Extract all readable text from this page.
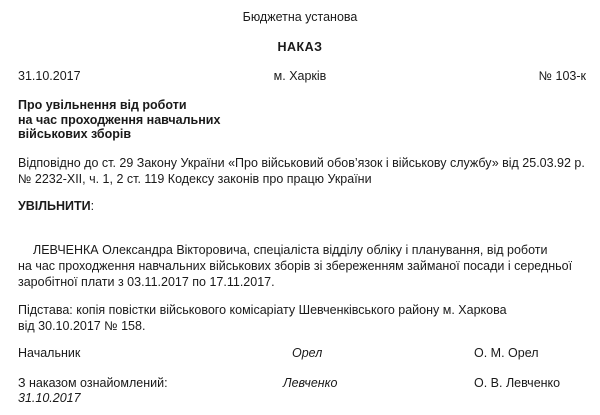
Бюджетна установа
НАКАЗ
31.10.2017	м. Харків	№ 103-к
Про увільнення від роботи
на час проходження навчальних
військових зборів
Відповідно до ст. 29 Закону України «Про військовий обов’язок і військову службу» від 25.03.92 р.
№ 2232-XII, ч. 1, 2 ст. 119 Кодексу законів про працю України
УВІЛЬНИТИ:
ЛЕВЧЕНКА Олександра Вікторовича, спеціаліста відділу обліку і планування, від роботи
на час проходження навчальних військових зборів зі збереженням займаної посади і середньої
заробітної плати з 03.11.2017 по 17.11.2017.
Підстава: копія повістки військового комісаріату Шевченківського району м. Харкова
від 30.10.2017 № 158.
Начальник	Орел	О. М. Орел
З наказом ознайомлений:	Левченко	О. В. Левченко
31.10.2017
